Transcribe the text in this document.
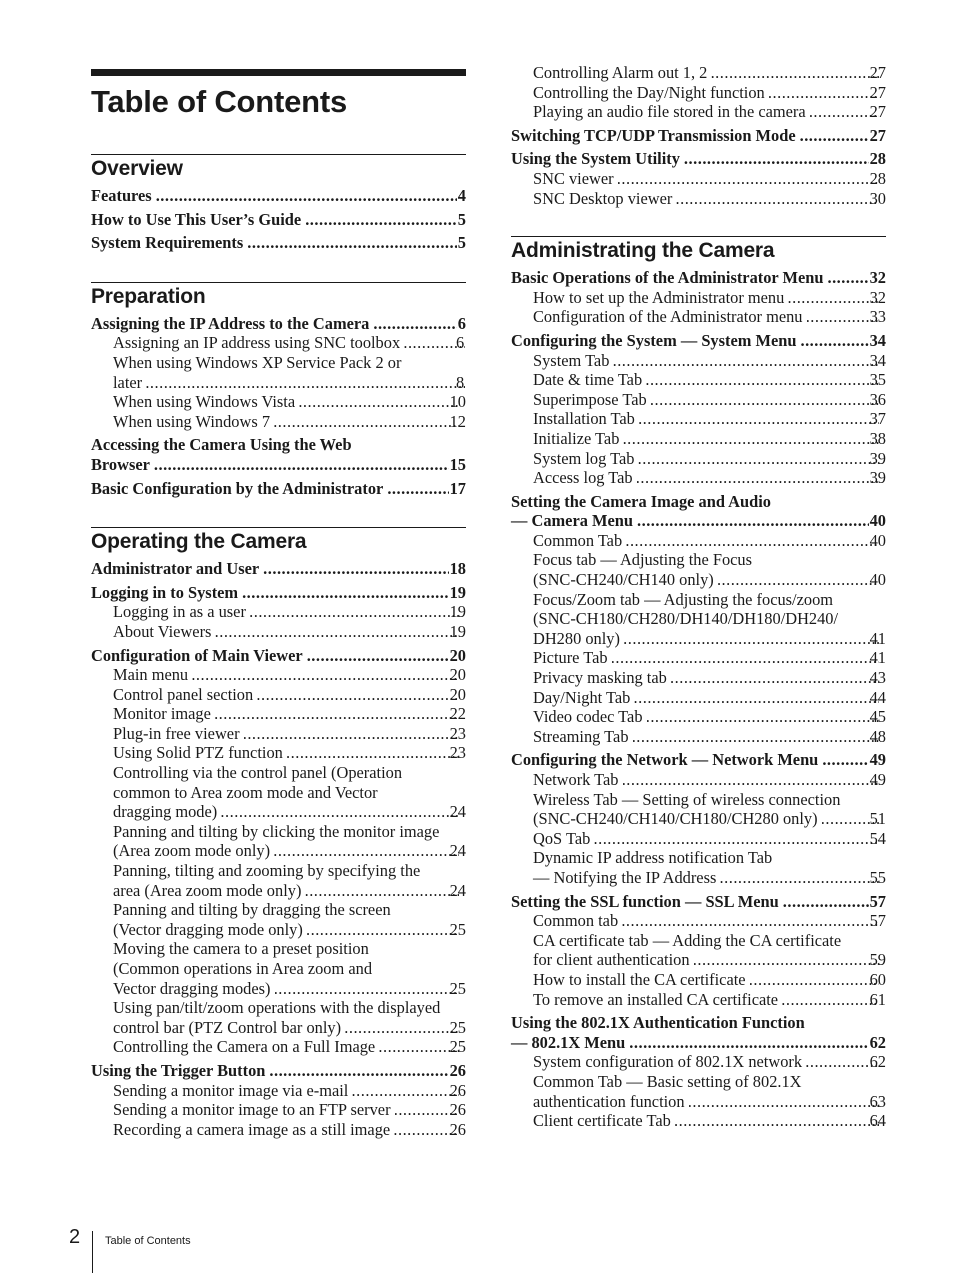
Table of Contents
Overview
Features .....	4
How to Use This User’s Guide .....	5
System Requirements .....	5
Preparation
Assigning the IP Address to the Camera .....	6
Assigning an IP address using SNC toolbox .....	6
When using Windows XP Service Pack 2 or
later .....	8
When using Windows Vista .....	10
When using Windows 7 .....	12
Accessing the Camera Using the Web
Browser .....	15
Basic Configuration by the Administrator .....	17
Operating the Camera
Administrator and User .....	18
Logging in to System .....	19
Logging in as a user .....	19
About Viewers .....	19
Configuration of Main Viewer .....	20
Main menu .....	20
Control panel section .....	20
Monitor image .....	22
Plug-in free viewer .....	23
Using Solid PTZ function .....	23
Controlling via the control panel (Operation
common to Area zoom mode and Vector
dragging mode) .....	24
Panning and tilting by clicking the monitor image
(Area zoom mode only) .....	24
Panning, tilting and zooming by specifying the
area (Area zoom mode only) .....	24
Panning and tilting by dragging the screen
(Vector dragging mode only) .....	25
Moving the camera to a preset position
(Common operations in Area zoom and
Vector dragging modes) .....	25
Using pan/tilt/zoom operations with the displayed
control bar (PTZ Control bar only) .....	25
Controlling the Camera on a Full Image .....	25
Using the Trigger Button .....	26
Sending a monitor image via e-mail .....	26
Sending a monitor image to an FTP server .....	26
Recording a camera image as a still image .....	26
Controlling Alarm out 1, 2 .....	27
Controlling the Day/Night function .....	27
Playing an audio file stored in the camera .....	27
Switching TCP/UDP Transmission Mode .....	27
Using the System Utility .....	28
SNC viewer .....	28
SNC Desktop viewer .....	30
Administrating the Camera
Basic Operations of the Administrator Menu .....	32
How to set up the Administrator menu .....	32
Configuration of the Administrator menu .....	33
Configuring the System — System Menu .....	34
System Tab .....	34
Date & time Tab .....	35
Superimpose Tab .....	36
Installation Tab .....	37
Initialize Tab .....	38
System log Tab .....	39
Access log Tab .....	39
Setting the Camera Image and Audio
— Camera Menu .....	40
Common Tab .....	40
Focus tab — Adjusting the Focus
(SNC-CH240/CH140 only) .....	40
Focus/Zoom tab — Adjusting the focus/zoom
(SNC-CH180/CH280/DH140/DH180/DH240/
DH280 only) .....	41
Picture Tab .....	41
Privacy masking tab .....	43
Day/Night Tab .....	44
Video codec Tab .....	45
Streaming Tab .....	48
Configuring the Network — Network Menu .....	49
Network Tab .....	49
Wireless Tab — Setting of wireless connection
(SNC-CH240/CH140/CH180/CH280 only) .....	51
QoS Tab .....	54
Dynamic IP address notification Tab
— Notifying the IP Address .....	55
Setting the SSL function — SSL Menu .....	57
Common tab .....	57
CA certificate tab — Adding the CA certificate
for client authentication .....	59
How to install the CA certificate .....	60
To remove an installed CA certificate .....	61
Using the 802.1X Authentication Function
— 802.1X Menu .....	62
System configuration of 802.1X network .....	62
Common Tab — Basic setting of 802.1X
authentication function .....	63
Client certificate Tab .....	64
2 Table of Contents
